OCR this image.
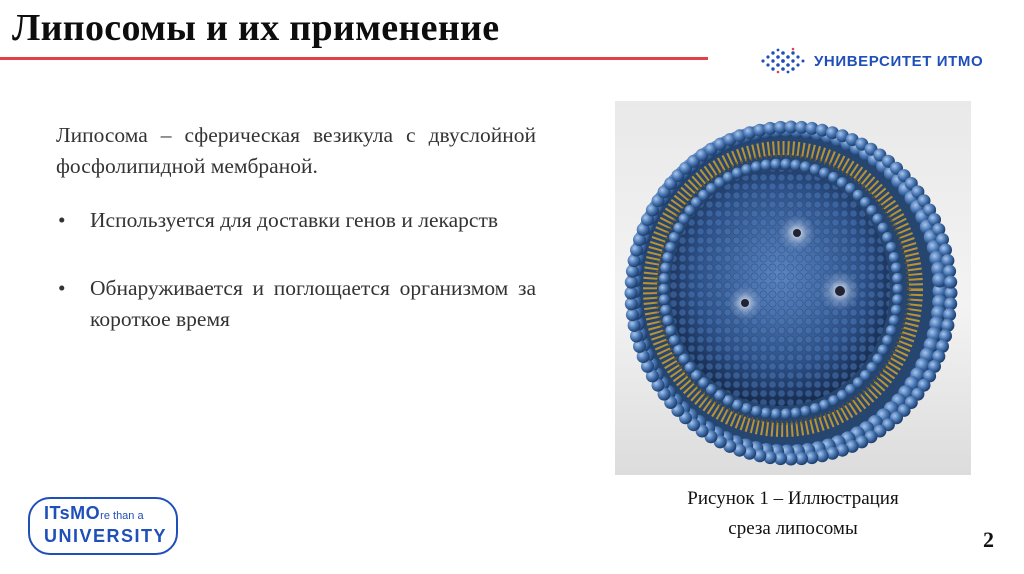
Липосомы и их применение
УНИВЕРСИТЕТ ИТМО

Липосома – сферическая везикула с двуслойной фосфолипидной мембраной.

• Используется для доставки генов и лекарств
• Обнаруживается и поглощается организмом за короткое время
Рисунок 1 – Иллюстрация
среза липосомы
ITsMOre than a
UNIVERSITY	2
